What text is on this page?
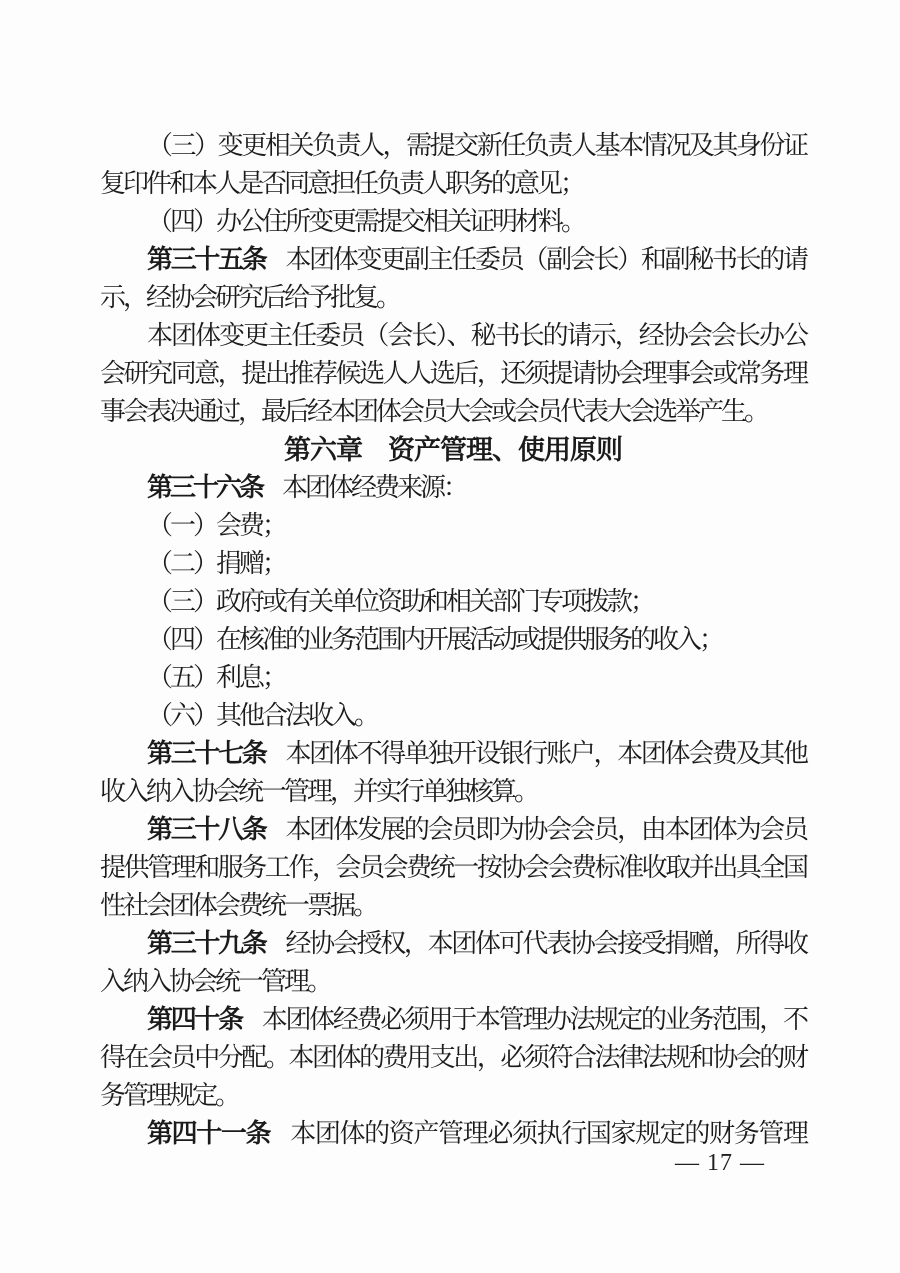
（三）变更相关负责人，需提交新任负责人基本情况及其身份证
复印件和本人是否同意担任负责人职务的意见；
（四）办公住所变更需提交相关证明材料。
第三十五条 本团体变更副主任委员（副会长）和副秘书长的请
示，经协会研究后给予批复。
本团体变更主任委员（会长）、秘书长的请示，经协会会长办公
会研究同意，提出推荐候选人人选后，还须提请协会理事会或常务理
事会表决通过，最后经本团体会员大会或会员代表大会选举产生。
第六章　资产管理、使用原则
第三十六条 本团体经费来源：
（一）会费；
（二）捐赠；
（三）政府或有关单位资助和相关部门专项拨款；
（四）在核准的业务范围内开展活动或提供服务的收入；
（五）利息；
（六）其他合法收入。
第三十七条 本团体不得单独开设银行账户，本团体会费及其他
收入纳入协会统一管理，并实行单独核算。
第三十八条 本团体发展的会员即为协会会员，由本团体为会员
提供管理和服务工作，会员会费统一按协会会费标准收取并出具全国
性社会团体会费统一票据。
第三十九条 经协会授权，本团体可代表协会接受捐赠，所得收
入纳入协会统一管理。
第四十条 本团体经费必须用于本管理办法规定的业务范围，不
得在会员中分配。本团体的费用支出，必须符合法律法规和协会的财
务管理规定。
第四十一条 本团体的资产管理必须执行国家规定的财务管理
— 17 —
